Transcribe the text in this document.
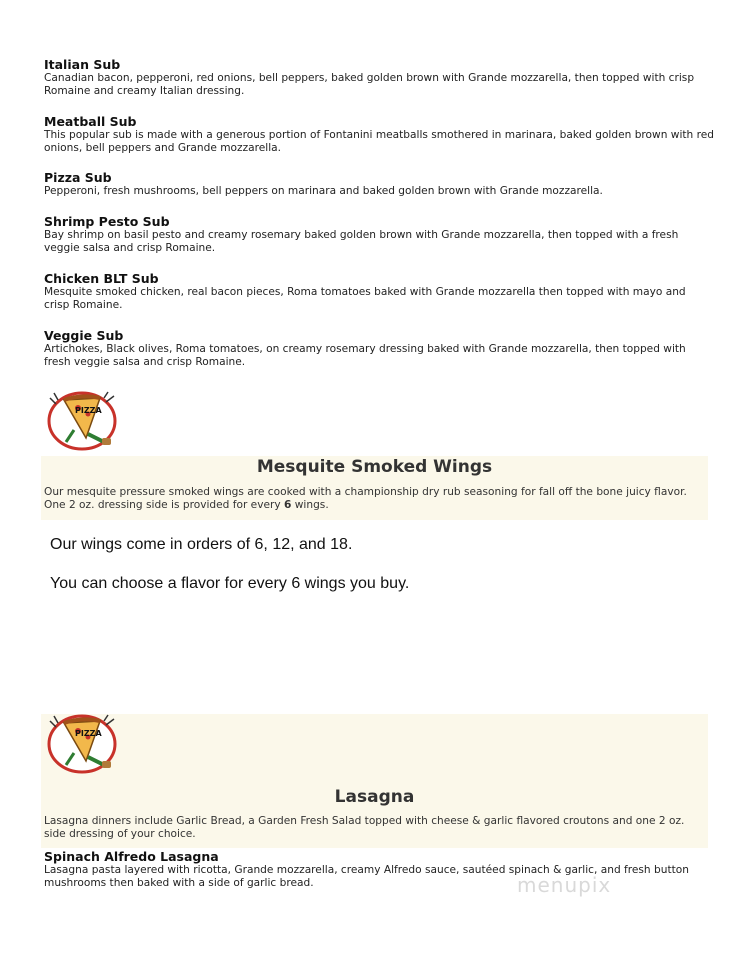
Italian Sub
Canadian bacon, pepperoni, red onions, bell peppers, baked golden brown with Grande mozzarella, then topped with crisp Romaine and creamy Italian dressing.
Meatball Sub
This popular sub is made with a generous portion of Fontanini meatballs smothered in marinara, baked golden brown with red onions, bell peppers and Grande mozzarella.
Pizza Sub
Pepperoni, fresh mushrooms, bell peppers on marinara and baked golden brown with Grande mozzarella.
Shrimp Pesto Sub
Bay shrimp on basil pesto and creamy rosemary baked golden brown with Grande mozzarella, then topped with a fresh veggie salsa and crisp Romaine.
Chicken BLT Sub
Mesquite smoked chicken, real bacon pieces, Roma tomatoes baked with Grande mozzarella then topped with mayo and crisp Romaine.
Veggie Sub
Artichokes, Black olives, Roma tomatoes, on creamy rosemary dressing baked with Grande mozzarella, then topped with fresh veggie salsa and crisp Romaine.
PIZZA
Mesquite Smoked Wings
Our mesquite pressure smoked wings are cooked with a championship dry rub seasoning for fall off the bone juicy flavor.
One 2 oz. dressing side is provided for every 6 wings.
Our wings come in orders of 6, 12, and 18.
You can choose a flavor for every 6 wings you buy.
PIZZA
Lasagna
Lasagna dinners include Garlic Bread, a Garden Fresh Salad topped with cheese & garlic flavored croutons and one 2 oz. side dressing of your choice.
Spinach Alfredo Lasagna
Lasagna pasta layered with ricotta, Grande mozzarella, creamy Alfredo sauce, sautéed spinach & garlic, and fresh button mushrooms then baked with a side of garlic bread.	menupix
